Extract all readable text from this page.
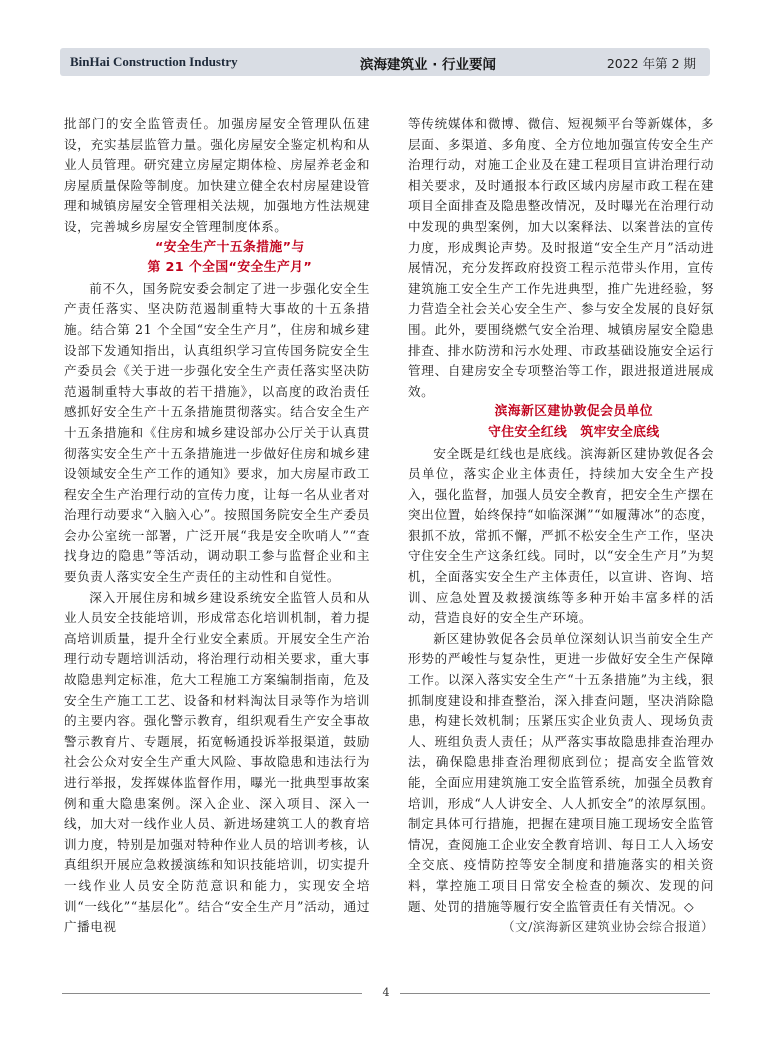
BinHai Construction Industry	滨海建筑业 · 行业要闻	2022 年第 2 期

批部门的安全监管责任。加强房屋安全管理队伍建设，充实基层监管力量。强化房屋安全鉴定机构和从业人员管理。研究建立房屋定期体检、房屋养老金和房屋质量保险等制度。加快建立健全农村房屋建设管理和城镇房屋安全管理相关法规，加强地方性法规建设，完善城乡房屋安全管理制度体系。

“安全生产十五条措施”与

第 21 个全国“安全生产月”

前不久，国务院安委会制定了进一步强化安全生产责任落实、坚决防范遏制重特大事故的十五条措施。结合第 21 个全国“安全生产月”，住房和城乡建设部下发通知指出，认真组织学习宣传国务院安全生产委员会《关于进一步强化安全生产责任落实坚决防范遏制重特大事故的若干措施》，以高度的政治责任感抓好安全生产十五条措施贯彻落实。结合安全生产十五条措施和《住房和城乡建设部办公厅关于认真贯彻落实安全生产十五条措施进一步做好住房和城乡建设领域安全生产工作的通知》要求，加大房屋市政工程安全生产治理行动的宣传力度，让每一名从业者对治理行动要求“入脑入心”。按照国务院安全生产委员会办公室统一部署，广泛开展“我是安全吹哨人”“查找身边的隐患”等活动，调动职工参与监督企业和主要负责人落实安全生产责任的主动性和自觉性。

深入开展住房和城乡建设系统安全监管人员和从业人员安全技能培训，形成常态化培训机制，着力提高培训质量，提升全行业安全素质。开展安全生产治理行动专题培训活动，将治理行动相关要求，重大事故隐患判定标准，危大工程施工方案编制指南，危及安全生产施工工艺、设备和材料淘汰目录等作为培训的主要内容。强化警示教育，组织观看生产安全事故警示教育片、专题展，拓宽畅通投诉举报渠道，鼓励社会公众对安全生产重大风险、事故隐患和违法行为进行举报，发挥媒体监督作用，曝光一批典型事故案例和重大隐患案例。深入企业、深入项目、深入一线，加大对一线作业人员、新进场建筑工人的教育培训力度，特别是加强对特种作业人员的培训考核，认真组织开展应急救援演练和知识技能培训，切实提升一线作业人员安全防范意识和能力，实现安全培训“一线化”“基层化”。结合“安全生产月”活动，通过广播电视

等传统媒体和微博、微信、短视频平台等新媒体，多层面、多渠道、多角度、全方位地加强宣传安全生产治理行动，对施工企业及在建工程项目宣讲治理行动相关要求，及时通报本行政区域内房屋市政工程在建项目全面排查及隐患整改情况，及时曝光在治理行动中发现的典型案例，加大以案释法、以案普法的宣传力度，形成舆论声势。及时报道“安全生产月”活动进展情况，充分发挥政府投资工程示范带头作用，宣传建筑施工安全生产工作先进典型，推广先进经验，努力营造全社会关心安全生产、参与安全发展的良好氛围。此外，要围绕燃气安全治理、城镇房屋安全隐患排查、排水防涝和污水处理、市政基础设施安全运行管理、自建房安全专项整治等工作，跟进报道进展成效。

滨海新区建协敦促会员单位

守住安全红线　筑牢安全底线

安全既是红线也是底线。滨海新区建协敦促各会员单位，落实企业主体责任，持续加大安全生产投入，强化监督，加强人员安全教育，把安全生产摆在突出位置，始终保持“如临深渊”“如履薄冰”的态度，狠抓不放，常抓不懈，严抓不松安全生产工作，坚决守住安全生产这条红线。同时，以“安全生产月”为契机，全面落实安全生产主体责任，以宣讲、咨询、培训、应急处置及救援演练等多种开始丰富多样的活动，营造良好的安全生产环境。

新区建协敦促各会员单位深刻认识当前安全生产形势的严峻性与复杂性，更进一步做好安全生产保障工作。以深入落实安全生产“十五条措施”为主线，狠抓制度建设和排查整治，深入排查问题，坚决消除隐患，构建长效机制；压紧压实企业负责人、现场负责人、班组负责人责任；从严落实事故隐患排查治理办法，确保隐患排查治理彻底到位；提高安全监管效能，全面应用建筑施工安全监管系统，加强全员教育培训，形成“人人讲安全、人人抓安全”的浓厚氛围。制定具体可行措施，把握在建项目施工现场安全监管情况，查阅施工企业安全教育培训、每日工人入场安全交底、疫情防控等安全制度和措施落实的相关资料，掌控施工项目日常安全检查的频次、发现的问题、处罚的措施等履行安全监管责任有关情况。◇

（文/滨海新区建筑业协会综合报道）

4
